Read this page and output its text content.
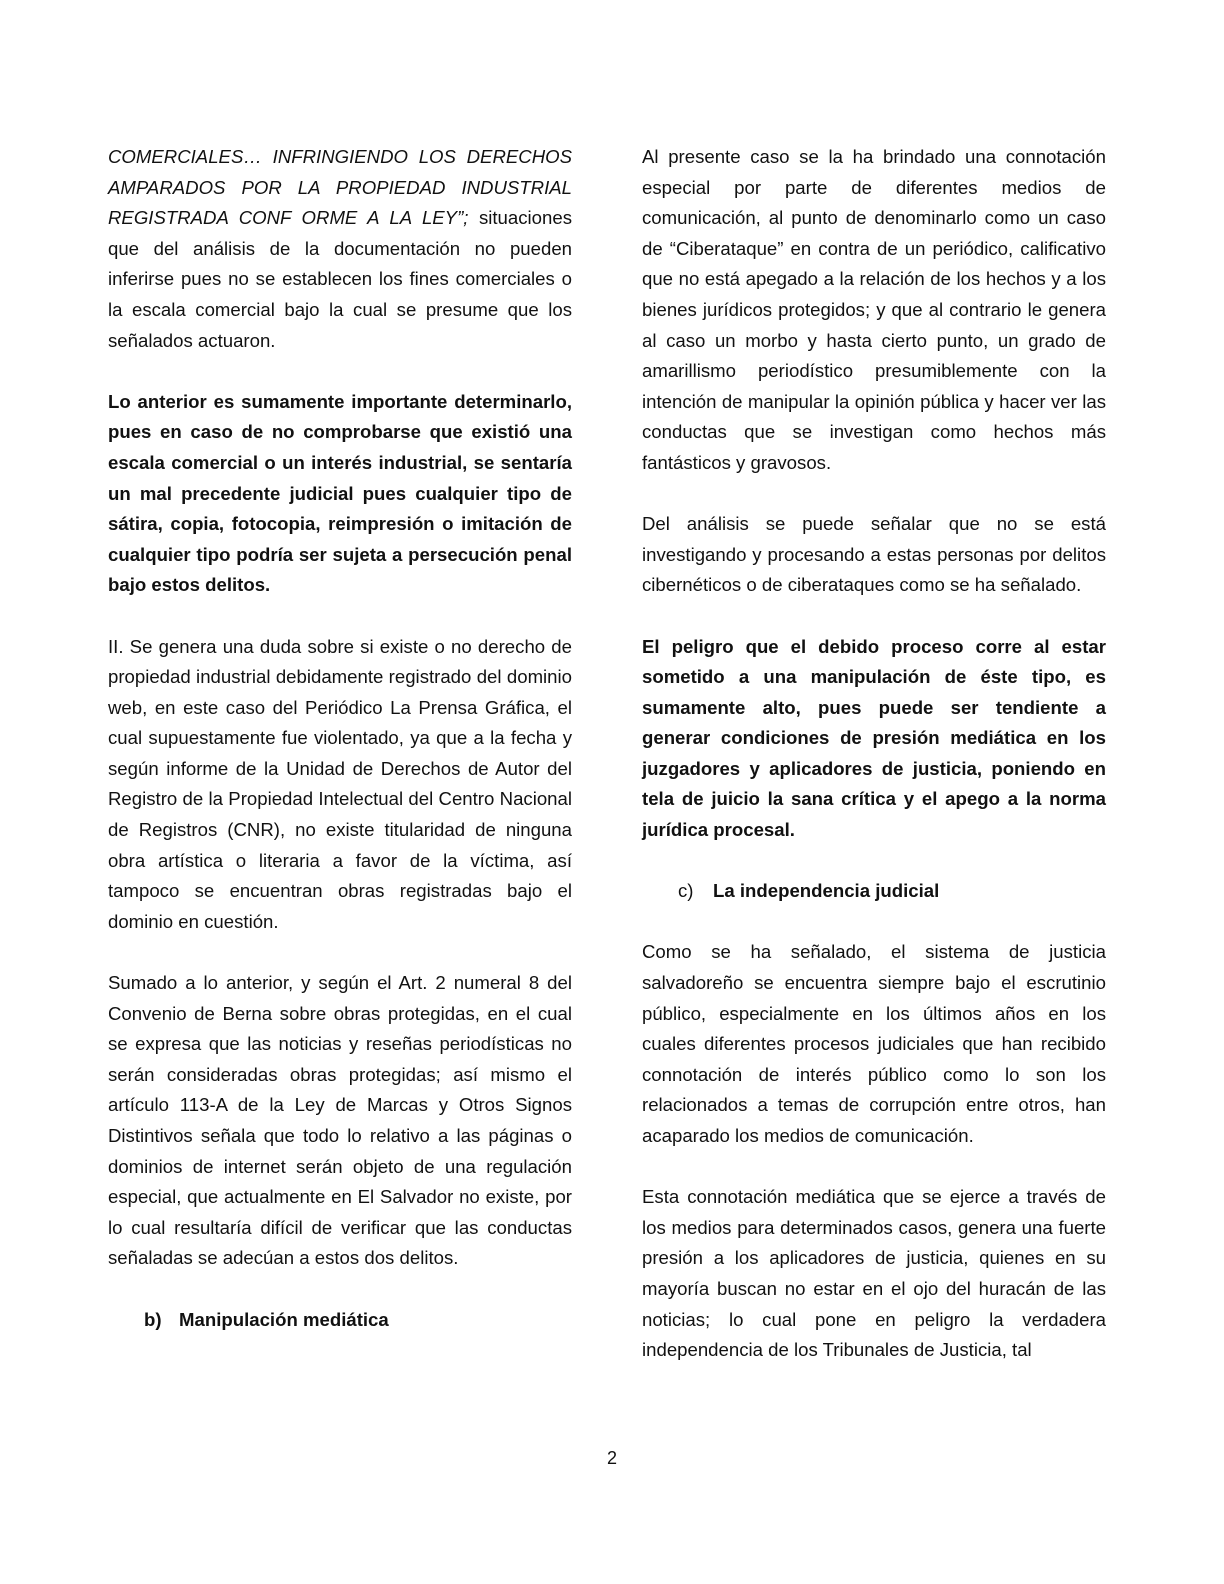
COMERCIALES… INFRINGIENDO LOS DERECHOS AMPARADOS POR LA PROPIEDAD INDUSTRIAL REGISTRADA CONF ORME A LA LEY”; situaciones que del análisis de la documentación no pueden inferirse pues no se establecen los fines comerciales o la escala comercial bajo la cual se presume que los señalados actuaron.

Lo anterior es sumamente importante determinarlo, pues en caso de no comprobarse que existió una escala comercial o un interés industrial, se sentaría un mal precedente judicial pues cualquier tipo de sátira, copia, fotocopia, reimpresión o imitación de cualquier tipo podría ser sujeta a persecución penal bajo estos delitos.

II. Se genera una duda sobre si existe o no derecho de propiedad industrial debidamente registrado del dominio web, en este caso del Periódico La Prensa Gráfica, el cual supuestamente fue violentado, ya que a la fecha y según informe de la Unidad de Derechos de Autor del Registro de la Propiedad Intelectual del Centro Nacional de Registros (CNR), no existe titularidad de ninguna obra artística o literaria a favor de la víctima, así tampoco se encuentran obras registradas bajo el dominio en cuestión.

Sumado a lo anterior, y según el Art. 2 numeral 8 del Convenio de Berna sobre obras protegidas, en el cual se expresa que las noticias y reseñas periodísticas no serán consideradas obras protegidas; así mismo el artículo 113-A de la Ley de Marcas y Otros Signos Distintivos señala que todo lo relativo a las páginas o dominios de internet serán objeto de una regulación especial, que actualmente en El Salvador no existe, por lo cual resultaría difícil de verificar que las conductas señaladas se adecúan a estos dos delitos.

b) Manipulación mediática

Al presente caso se la ha brindado una connotación especial por parte de diferentes medios de comunicación, al punto de denominarlo como un caso de “Ciberataque” en contra de un periódico, calificativo que no está apegado a la relación de los hechos y a los bienes jurídicos protegidos; y que al contrario le genera al caso un morbo y hasta cierto punto, un grado de amarillismo periodístico presumiblemente con la intención de manipular la opinión pública y hacer ver las conductas que se investigan como hechos más fantásticos y gravosos.

Del análisis se puede señalar que no se está investigando y procesando a estas personas por delitos cibernéticos o de ciberataques como se ha señalado.

El peligro que el debido proceso corre al estar sometido a una manipulación de éste tipo, es sumamente alto, pues puede ser tendiente a generar condiciones de presión mediática en los juzgadores y aplicadores de justicia, poniendo en tela de juicio la sana crítica y el apego a la norma jurídica procesal.

c) La independencia judicial

Como se ha señalado, el sistema de justicia salvadoreño se encuentra siempre bajo el escrutinio público, especialmente en los últimos años en los cuales diferentes procesos judiciales que han recibido connotación de interés público como lo son los relacionados a temas de corrupción entre otros, han acaparado los medios de comunicación.

Esta connotación mediática que se ejerce a través de los medios para determinados casos, genera una fuerte presión a los aplicadores de justicia, quienes en su mayoría buscan no estar en el ojo del huracán de las noticias; lo cual pone en peligro la verdadera independencia de los Tribunales de Justicia, tal

2
